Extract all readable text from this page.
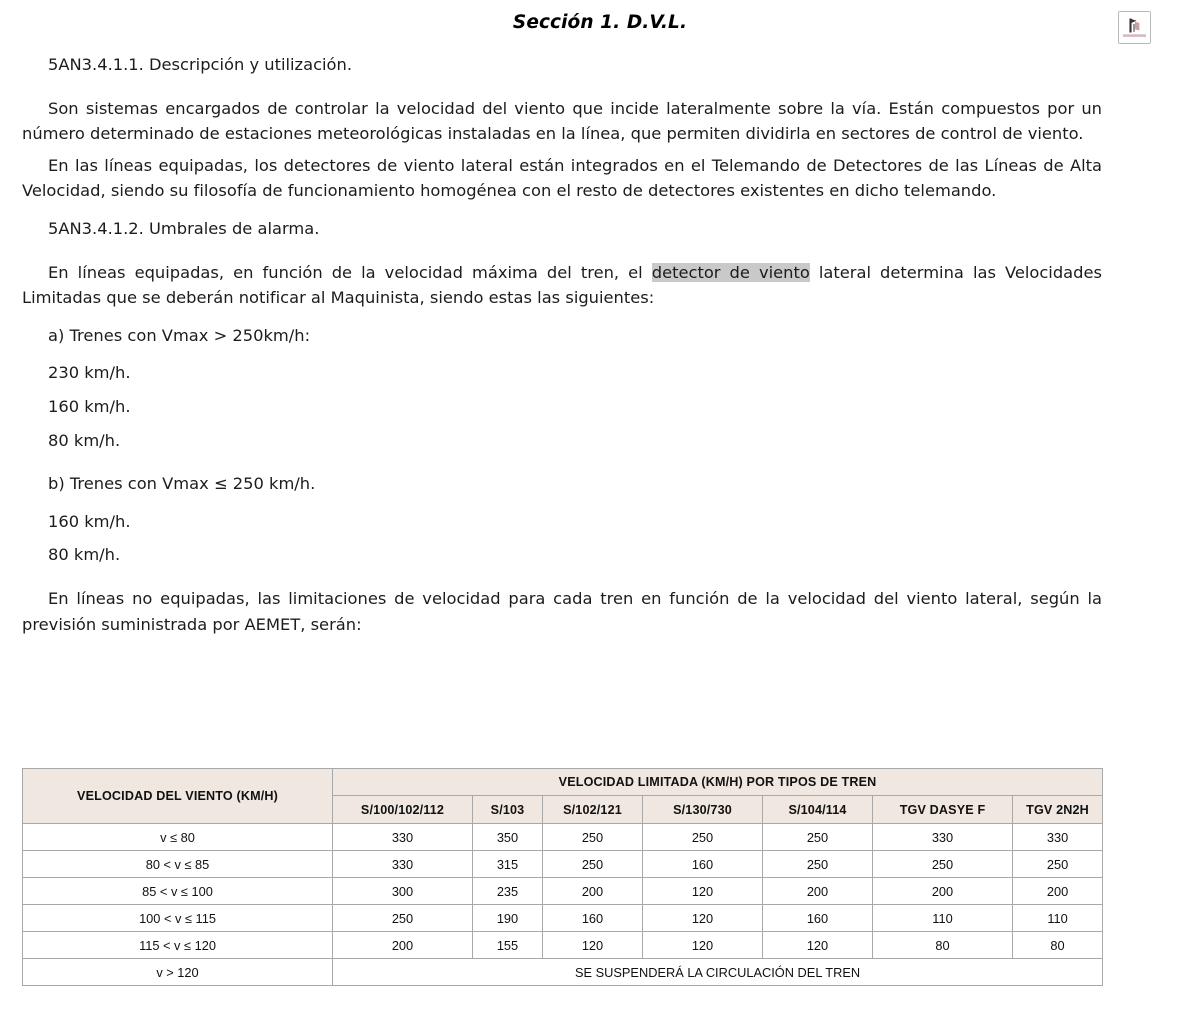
Sección 1. D.V.L.

5AN3.4.1.1. Descripción y utilización.

Son sistemas encargados de controlar la velocidad del viento que incide lateralmente sobre la vía. Están compuestos por un número determinado de estaciones meteorológicas instaladas en la línea, que permiten dividirla en sectores de control de viento.

En las líneas equipadas, los detectores de viento lateral están integrados en el Telemando de Detectores de las Líneas de Alta Velocidad, siendo su filosofía de funcionamiento homogénea con el resto de detectores existentes en dicho telemando.

5AN3.4.1.2. Umbrales de alarma.

En líneas equipadas, en función de la velocidad máxima del tren, el detector de viento lateral determina las Velocidades Limitadas que se deberán notificar al Maquinista, siendo estas las siguientes:

a) Trenes con Vmax > 250km/h:

230 km/h.

160 km/h.

80 km/h.

b) Trenes con Vmax ≤ 250 km/h.

160 km/h.

80 km/h.

En líneas no equipadas, las limitaciones de velocidad para cada tren en función de la velocidad del viento lateral, según la previsión suministrada por AEMET, serán:

VELOCIDAD DEL VIENTO (KM/H)	VELOCIDAD LIMITADA (KM/H) POR TIPOS DE TREN						
	S/100/102/112	S/103	S/102/121	S/130/730	S/104/114	TGV DASYE F	TGV 2N2H
v ≤ 80	330	350	250	250	250	330	330
80 < v ≤ 85	330	315	250	160	250	250	250
85 < v ≤ 100	300	235	200	120	200	200	200
100 < v ≤ 115	250	190	160	120	160	110	110
115 < v ≤ 120	200	155	120	120	120	80	80
v > 120	SE SUSPENDERÁ LA CIRCULACIÓN DEL TREN						
